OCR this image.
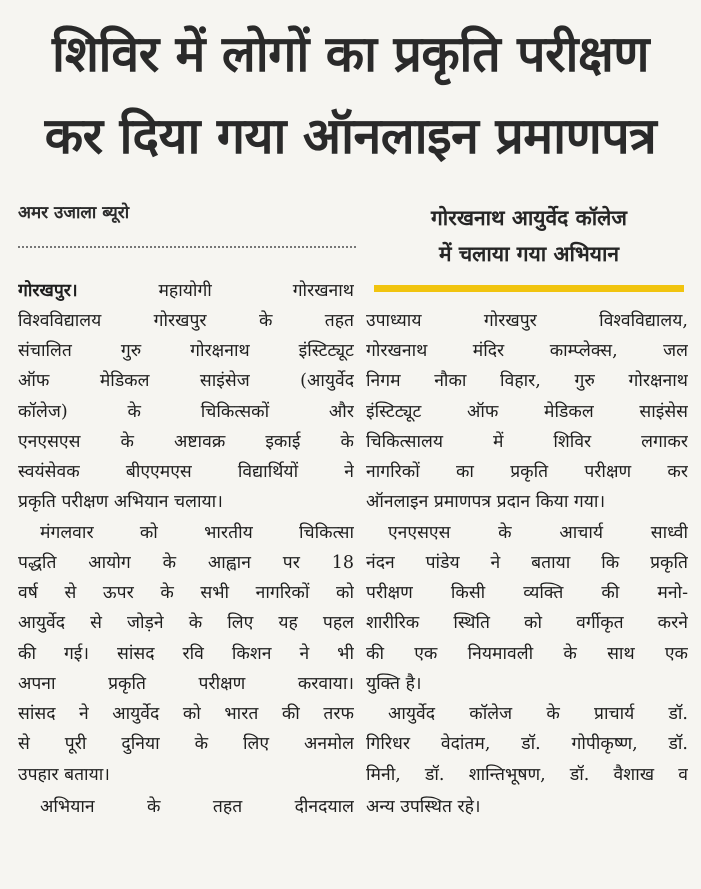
शिविर में लोगों का प्रकृति परीक्षण
कर दिया गया ऑनलाइन प्रमाणपत्र
अमर उजाला ब्यूरो	गोरखनाथ आयुर्वेद कॉलेज
में चलाया गया अभियान
गोरखपुर।	महायोगी गोरखनाथ
विश्वविद्यालय गोरखपुर के तहत
संचालित गुरु गोरक्षनाथ इंस्टिट्यूट
ऑफ मेडिकल साइंसेज (आयुर्वेद
कॉलेज) के चिकित्सकों और
एनएसएस के अष्टावक्र इकाई के
स्वयंसेवक बीएएमएस विद्यार्थियों ने
प्रकृति परीक्षण अभियान चलाया।
मंगलवार को भारतीय चिकित्सा
पद्धति आयोग के आह्वान पर 18
वर्ष से ऊपर के सभी नागरिकों को
आयुर्वेद से जोड़ने के लिए यह पहल
की गई। सांसद रवि किशन ने भी
अपना प्रकृति परीक्षण करवाया।
सांसद ने आयुर्वेद को भारत की तरफ
से पूरी दुनिया के लिए अनमोल
उपहार बताया।
अभियान के तहत दीनदयाल
उपाध्याय गोरखपुर विश्वविद्यालय,
गोरखनाथ मंदिर काम्प्लेक्स, जल
निगम नौका विहार, गुरु गोरक्षनाथ
इंस्टिट्यूट ऑफ मेडिकल साइंसेस
चिकित्सालय में शिविर लगाकर
नागरिकों का प्रकृति परीक्षण कर
ऑनलाइन प्रमाणपत्र प्रदान किया गया।
एनएसएस के आचार्य साध्वी
नंदन पांडेय ने बताया कि प्रकृति
परीक्षण किसी व्यक्ति की मनो-
शारीरिक स्थिति को वर्गीकृत करने
की एक नियमावली के साथ एक
युक्ति है।
आयुर्वेद कॉलेज के प्राचार्य डॉ.
गिरिधर वेदांतम, डॉ. गोपीकृष्ण, डॉ.
मिनी, डॉ. शान्तिभूषण, डॉ. वैशाख व
अन्य उपस्थित रहे।
